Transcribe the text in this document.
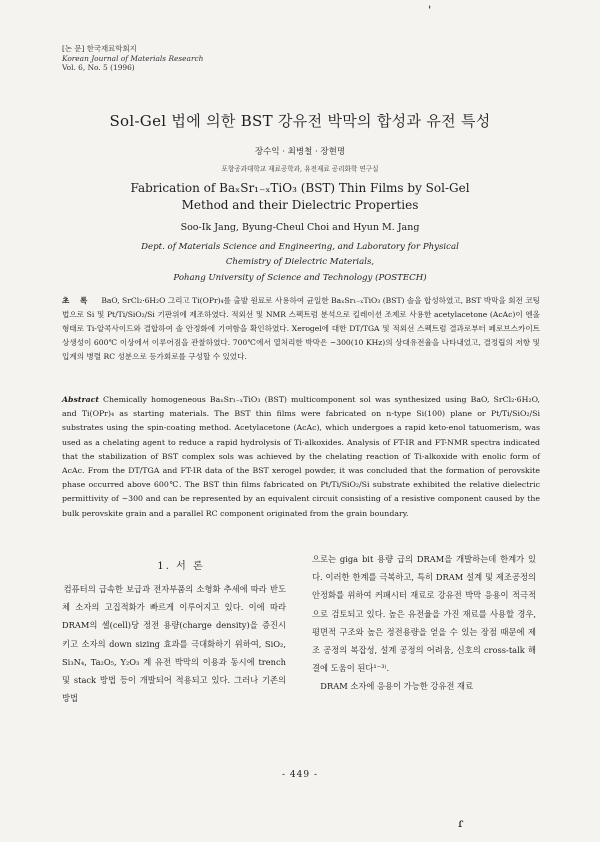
[논 문] 한국재료학회지
Korean Journal of Materials Research
Vol. 6, No. 5 (1996)
Sol-Gel 법에 의한 BST 강유전 박막의 합성과 유전 특성
장수익 · 최병철 · 장현명
포항공과대학교 재료공학과, 유전재료 공리화학 연구실
Fabrication of BaₓSr₁₋ₓTiO₃ (BST) Thin Films by Sol-Gel
Method and their Dielectric Properties
Soo-Ik Jang, Byung-Cheul Choi and Hyun M. Jang
Dept. of Materials Science and Engineering, and Laboratory for Physical
Chemistry of Dielectric Materials,
Pohang University of Science and Technology (POSTECH)
초 록 BaO, SrCl₂·6H₂O 그리고 Ti(OPr)₄를 출발 원료로 사용하여 균일한 BaₓSr₁₋ₓTiO₃ (BST) 솔을 합성하였고, BST 박막을 회전 코팅 법으로 Si 및 Pt/Ti/SiO₂/Si 기판위에 제조하였다. 적외선 및 NMR 스펙트럼 분석으로 킬레이션 조제로 사용한 acetylacetone (AcAc)이 엔올 형태로 Ti-알콕사이드와 결합하여 솔 안정화에 기여함을 확인하였다. Xerogel에 대한 DT/TGA 및 적외선 스펙트럼 결과로부터 페로브스카이트 상생성이 600℃ 이상에서 이루어짐을 관찰하였다. 700℃에서 열처리한 박막은 ~300(10 KHz)의 상대유전율을 나타내었고, 결정립의 저항 및 입계의 병렬 RC 성분으로 등가회로를 구성할 수 있었다.
Abstract Chemically homogeneous BaₓSr₁₋ₓTiO₃ (BST) multicomponent sol was synthesized using BaO, SrCl₂·6H₂O, and Ti(OPr)₄ as starting materials. The BST thin films were fabricated on n-type Si(100) plane or Pt/Ti/SiO₂/Si substrates using the spin-coating method. Acetylacetone (AcAc), which undergoes a rapid keto-enol tatuomerism, was used as a chelating agent to reduce a rapid hydrolysis of Ti-alkoxides. Analysis of FT-IR and FT-NMR spectra indicated that the stabilization of BST complex sols was achieved by the chelating reaction of Ti-alkoxide with enolic form of AcAc. From the DT/TGA and FT-IR data of the BST xerogel powder, it was concluded that the formation of perovskite phase occurred above 600℃. The BST thin films fabricated on Pt/Ti/SiO₂/Si substrate exhibited the relative dielectric permittivity of ~300 and can be represented by an equivalent circuit consisting of a resistive component caused by the bulk perovskite grain and a parallel RC component originated from the grain boundary.
1. 서 론
컴퓨터의 급속한 보급과 전자부품의 소형화 추세에 따라 반도체 소자의 고집적화가 빠르게 이루어지고 있다. 이에 따라 DRAM의 셀(cell)당 정전 용량(charge density)을 증진시키고 소자의 down sizing 효과를 극대화하기 위하여, SiO₂, Si₃N₄, Ta₂O₅, Y₂O₃ 계 유전 박막의 이용과 동시에 trench 및 stack 방법 등이 개발되어 적용되고 있다. 그러나 기존의 방법
으로는 giga bit 용량 급의 DRAM을 개발하는데 한계가 있다. 이러한 한계를 극복하고, 특히 DRAM 설계 및 제조공정의 안정화를 위하여 커패시터 재료로 강유전 박막 응용이 적극적으로 검토되고 있다. 높은 유전율을 가진 재료를 사용할 경우, 평면적 구조와 높은 정전용량을 얻을 수 있는 장점 때문에 제조 공정의 복잡성, 설계 공정의 어려움, 신호의 cross-talk 해결에 도움이 된다¹⁻³⁾.
DRAM 소자에 응용이 가능한 강유전 재료
- 449 -
ˈ
ɾ
